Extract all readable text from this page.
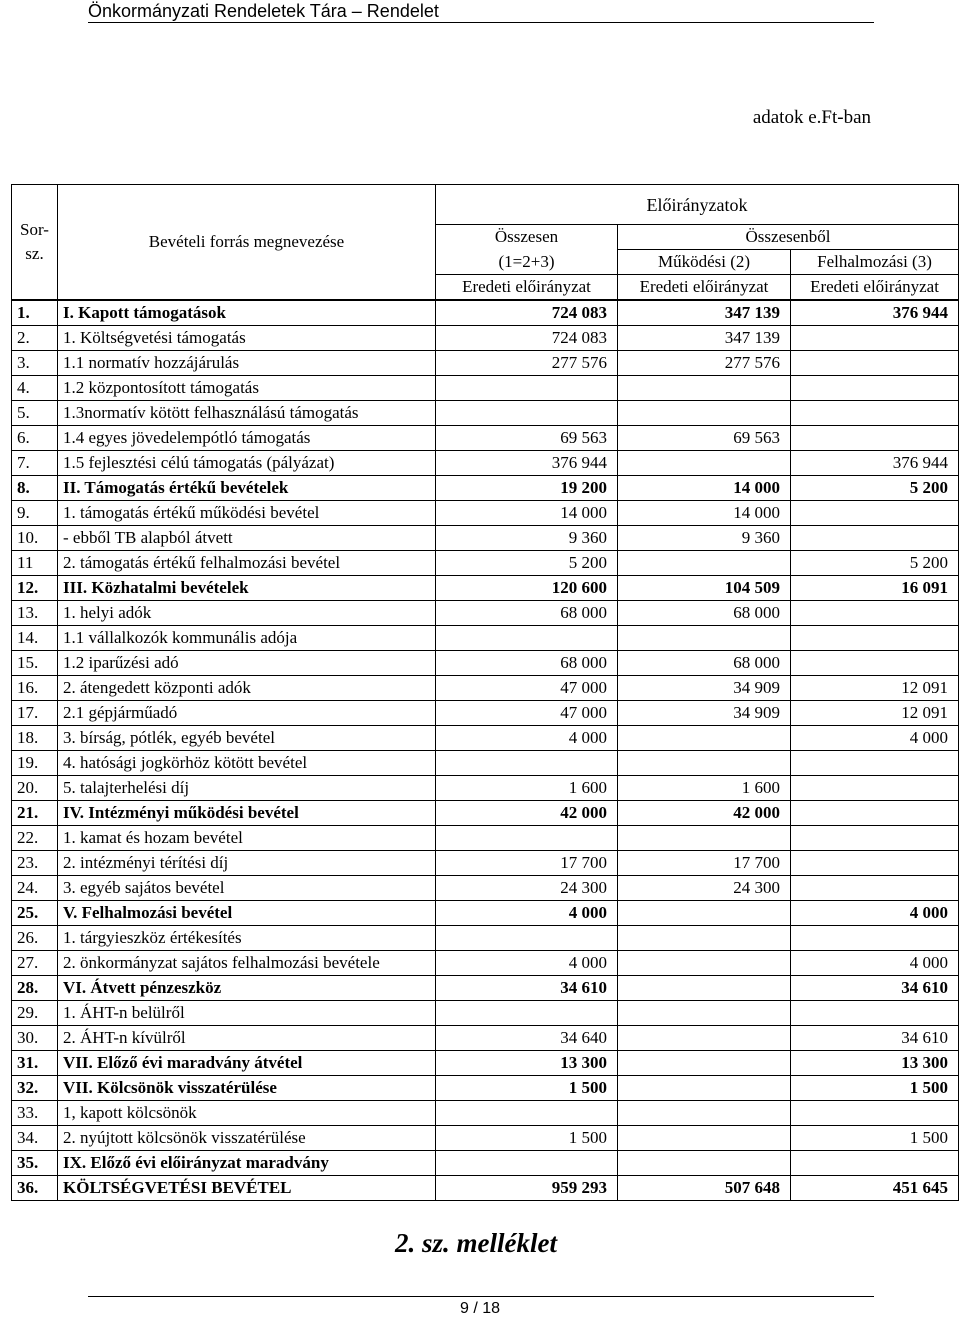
Önkormányzati Rendeletek Tára – Rendelet
adatok e.Ft-ban
Sor-
sz.	Bevételi forrás megnevezése	Előirányzatok		
		Összesen	Összesenből	
		(1=2+3)	Működési (2)	Felhalmozási (3)
		Eredeti előirányzat	Eredeti előirányzat	Eredeti előirányzat
1.	I. Kapott támogatások	724 083	347 139	376 944
2.	1. Költségvetési támogatás	724 083	347 139	
3.	1.1 normatív hozzájárulás	277 576	277 576	
4.	1.2 központosított támogatás			
5.	1.3normatív kötött felhasználású támogatás			
6.	1.4 egyes jövedelempótló támogatás	69 563	69 563	
7.	1.5 fejlesztési célú támogatás (pályázat)	376 944		376 944
8.	II. Támogatás értékű bevételek	19 200	14 000	5 200
9.	1. támogatás értékű működési bevétel	14 000	14 000	
10.	- ebből TB alapból átvett	9 360	9 360	
11	2. támogatás értékű felhalmozási bevétel	5 200		5 200
12.	III. Közhatalmi bevételek	120 600	104 509	16 091
13.	1. helyi adók	68 000	68 000	
14.	1.1 vállalkozók kommunális adója			
15.	1.2 iparűzési adó	68 000	68 000	
16.	2. átengedett központi adók	47 000	34 909	12 091
17.	2.1 gépjárműadó	47 000	34 909	12 091
18.	3. bírság, pótlék, egyéb bevétel	4 000		4 000
19.	4. hatósági jogkörhöz kötött bevétel			
20.	5. talajterhelési díj	1 600	1 600	
21.	IV. Intézményi működési bevétel	42 000	42 000	
22.	1. kamat és hozam bevétel			
23.	2. intézményi térítési díj	17 700	17 700	
24.	3. egyéb sajátos bevétel	24 300	24 300	
25.	V. Felhalmozási bevétel	4 000		4 000
26.	1. tárgyieszköz értékesítés			
27.	2. önkormányzat sajátos felhalmozási bevétele	4 000		4 000
28.	VI. Átvett pénzeszköz	34 610		34 610
29.	1. ÁHT-n belülről			
30.	2. ÁHT-n kívülről	34 640		34 610
31.	VII. Előző évi maradvány átvétel	13 300		13 300
32.	VII. Kölcsönök visszatérülése	1 500		1 500
33.	1, kapott kölcsönök			
34.	2. nyújtott kölcsönök visszatérülése	1 500		1 500
35.	IX. Előző évi előirányzat maradvány			
36.	KÖLTSÉGVETÉSI BEVÉTEL	959 293	507 648	451 645
2. sz. melléklet
9 / 18
